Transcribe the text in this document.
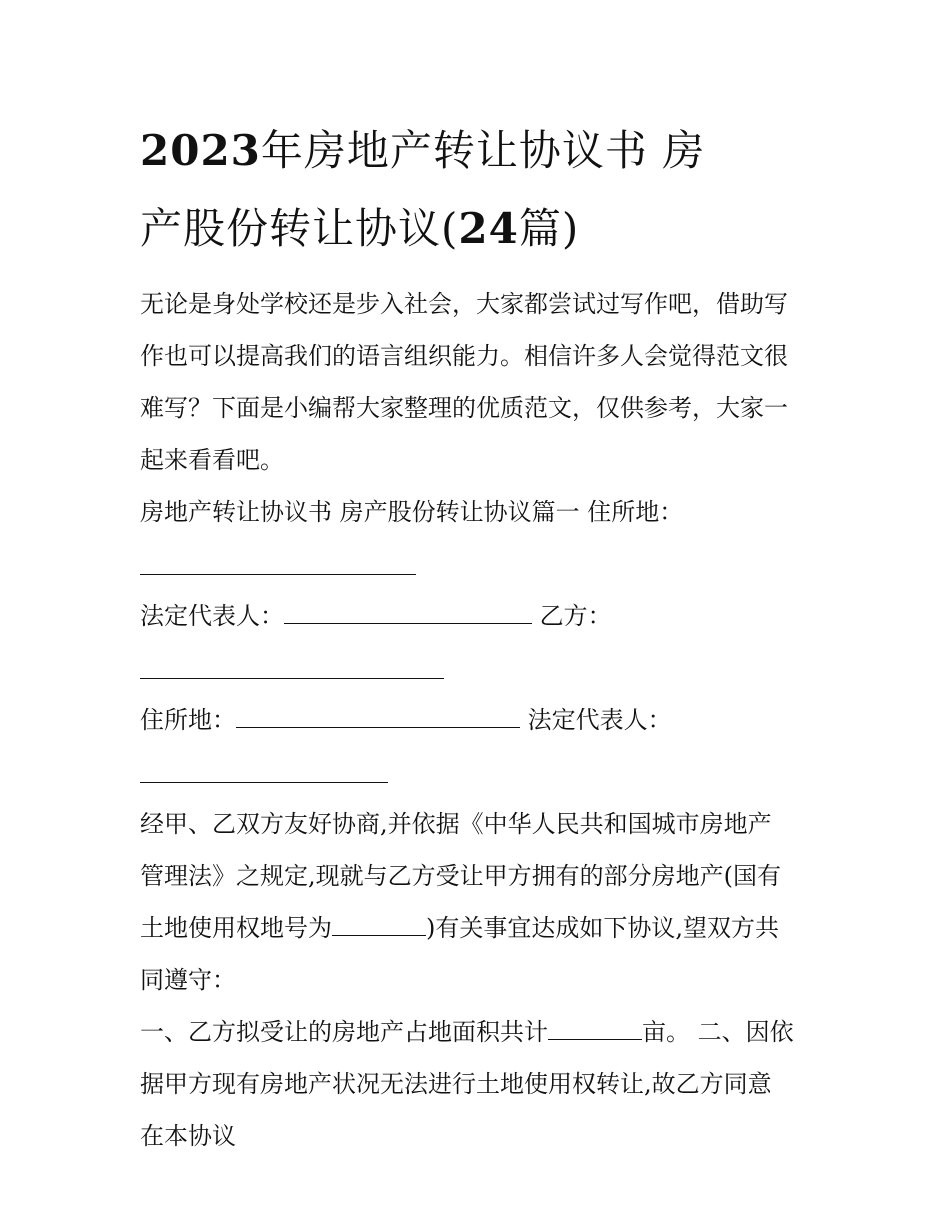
2023年房地产转让协议书 房
产股份转让协议(24篇)

无论是身处学校还是步入社会，大家都尝试过写作吧，借助写
作也可以提高我们的语言组织能力。相信许多人会觉得范文很
难写？下面是小编帮大家整理的优质范文，仅供参考，大家一
起来看看吧。

房地产转让协议书 房产股份转让协议篇一 住所地：

法定代表人：	乙方：

住所地：	法定代表人：

经甲、乙双方友好协商,并依据《中华人民共和国城市房地产
管理法》之规定,现就与乙方受让甲方拥有的部分房地产(国有
土地使用权地号为	)有关事宜达成如下协议,望双方共
同遵守：

一、乙方拟受让的房地产占地面积共计	亩。 二、因依
据甲方现有房地产状况无法进行土地使用权转让,故乙方同意
在本协议
